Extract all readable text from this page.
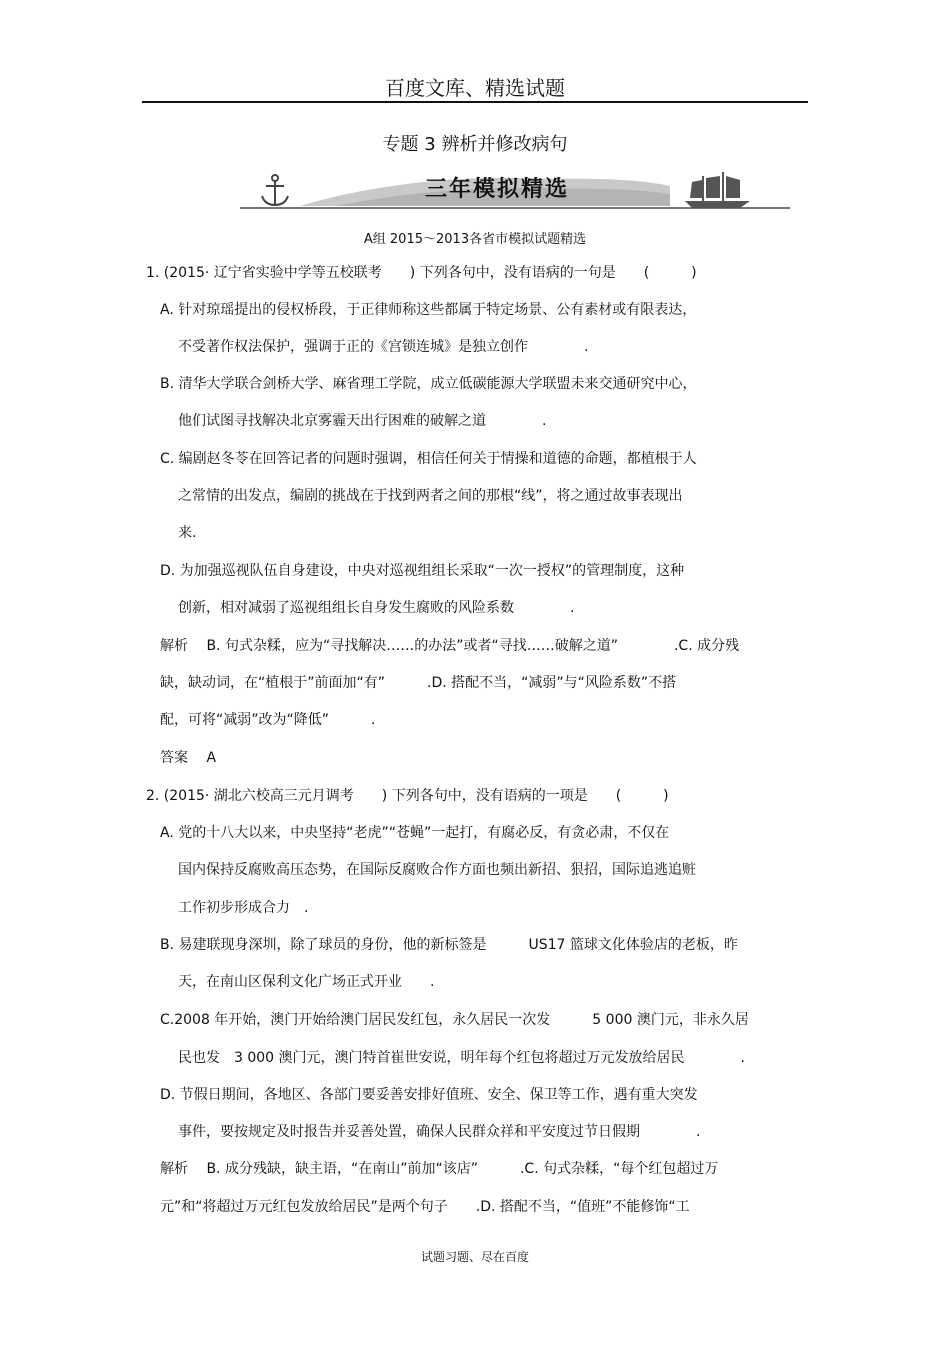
百度文库、精选试题
专题 3 辨析并修改病句
三年模拟精选
A组 2015～2013各省市模拟试题精选
1. (2015· 辽宁省实验中学等五校联考　　) 下列各句中，没有语病的一句是　　(　　　)
A. 针对琼瑶提出的侵权桥段，于正律师称这些都属于特定场景、公有素材或有限表达，
不受著作权法保护，强调于正的《宫锁连城》是独立创作　　　　.
B. 清华大学联合剑桥大学、麻省理工学院，成立低碳能源大学联盟未来交通研究中心，
他们试图寻找解决北京雾霾天出行困难的破解之道　　　　.
C. 编剧赵冬苓在回答记者的问题时强调，相信任何关于情操和道德的命题，都植根于人
之常情的出发点，编剧的挑战在于找到两者之间的那根“线”，将之通过故事表现出
来.
D. 为加强巡视队伍自身建设，中央对巡视组组长采取“一次一授权”的管理制度，这种
创新，相对减弱了巡视组组长自身发生腐败的风险系数　　　　.
解析　 B. 句式杂糅，应为“寻找解决……的办法”或者“寻找……破解之道”　　　　.C. 成分残
缺，缺动词，在“植根于”前面加“有”　　　.D. 搭配不当，“减弱”与“风险系数”不搭
配，可将“减弱”改为“降低”　　　.
答案　 A
2. (2015· 湖北六校高三元月调考　　) 下列各句中，没有语病的一项是　　(　　　)
A. 党的十八大以来，中央坚持“老虎”“苍蝇”一起打，有腐必反，有贪必肃，不仅在
国内保持反腐败高压态势，在国际反腐败合作方面也频出新招、狠招，国际追逃追赃
工作初步形成合力　.
B. 易建联现身深圳，除了球员的身份，他的新标签是　　　US17 篮球文化体验店的老板，昨
天，在南山区保利文化广场正式开业　　.
C.2008 年开始，澳门开始给澳门居民发红包，永久居民一次发　　　5 000 澳门元，非永久居
民也发　3 000 澳门元，澳门特首崔世安说，明年每个红包将超过万元发放给居民　　　　.
D. 节假日期间，各地区、各部门要妥善安排好值班、安全、保卫等工作，遇有重大突发
事件，要按规定及时报告并妥善处置，确保人民群众祥和平安度过节日假期　　　　.
解析　 B. 成分残缺，缺主语，“在南山”前加“该店”　　　.C. 句式杂糅，“每个红包超过万
元”和“将超过万元红包发放给居民”是两个句子　　.D. 搭配不当，“值班”不能修饰“工
试题习题、尽在百度
